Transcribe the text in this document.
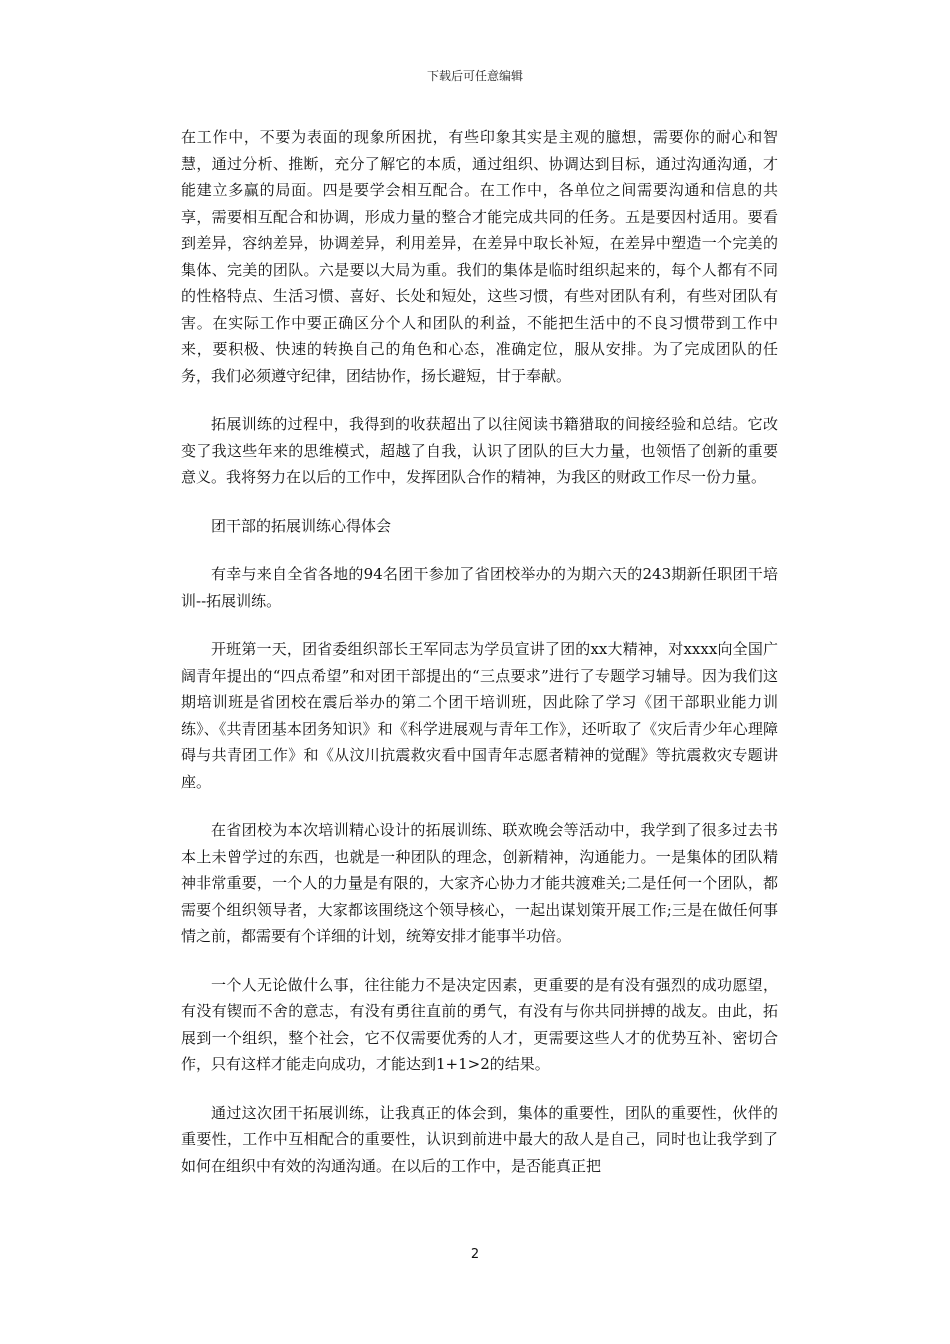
下载后可任意编辑

在工作中，不要为表面的现象所困扰，有些印象其实是主观的臆想，需要你的耐心和智慧，通过分析、推断，充分了解它的本质，通过组织、协调达到目标，通过沟通沟通，才能建立多赢的局面。四是要学会相互配合。在工作中，各单位之间需要沟通和信息的共享，需要相互配合和协调，形成力量的整合才能完成共同的任务。五是要因村适用。要看到差异，容纳差异，协调差异，利用差异，在差异中取长补短，在差异中塑造一个完美的集体、完美的团队。六是要以大局为重。我们的集体是临时组织起来的，每个人都有不同的性格特点、生活习惯、喜好、长处和短处，这些习惯，有些对团队有利，有些对团队有害。在实际工作中要正确区分个人和团队的利益，不能把生活中的不良习惯带到工作中来，要积极、快速的转换自己的角色和心态，准确定位，服从安排。为了完成团队的任务，我们必须遵守纪律，团结协作，扬长避短，甘于奉献。

拓展训练的过程中，我得到的收获超出了以往阅读书籍猎取的间接经验和总结。它改变了我这些年来的思维模式，超越了自我，认识了团队的巨大力量，也领悟了创新的重要意义。我将努力在以后的工作中，发挥团队合作的精神，为我区的财政工作尽一份力量。

团干部的拓展训练心得体会

有幸与来自全省各地的94名团干参加了省团校举办的为期六天的243期新任职团干培训--拓展训练。

开班第一天，团省委组织部长王军同志为学员宣讲了团的xx大精神，对xxxx向全国广阔青年提出的“四点希望”和对团干部提出的“三点要求”进行了专题学习辅导。因为我们这期培训班是省团校在震后举办的第二个团干培训班，因此除了学习《团干部职业能力训练》、《共青团基本团务知识》和《科学进展观与青年工作》，还听取了《灾后青少年心理障碍与共青团工作》和《从汶川抗震救灾看中国青年志愿者精神的觉醒》等抗震救灾专题讲座。

在省团校为本次培训精心设计的拓展训练、联欢晚会等活动中，我学到了很多过去书本上未曾学过的东西，也就是一种团队的理念，创新精神，沟通能力。一是集体的团队精神非常重要，一个人的力量是有限的，大家齐心协力才能共渡难关;二是任何一个团队，都需要个组织领导者，大家都该围绕这个领导核心，一起出谋划策开展工作;三是在做任何事情之前，都需要有个详细的计划，统筹安排才能事半功倍。

一个人无论做什么事，往往能力不是决定因素，更重要的是有没有强烈的成功愿望，有没有锲而不舍的意志，有没有勇往直前的勇气，有没有与你共同拼搏的战友。由此，拓展到一个组织，整个社会，它不仅需要优秀的人才，更需要这些人才的优势互补、密切合作，只有这样才能走向成功，才能达到1+1>2的结果。

通过这次团干拓展训练，让我真正的体会到，集体的重要性，团队的重要性，伙伴的重要性，工作中互相配合的重要性，认识到前进中最大的敌人是自己，同时也让我学到了如何在组织中有效的沟通沟通。在以后的工作中，是否能真正把

2
